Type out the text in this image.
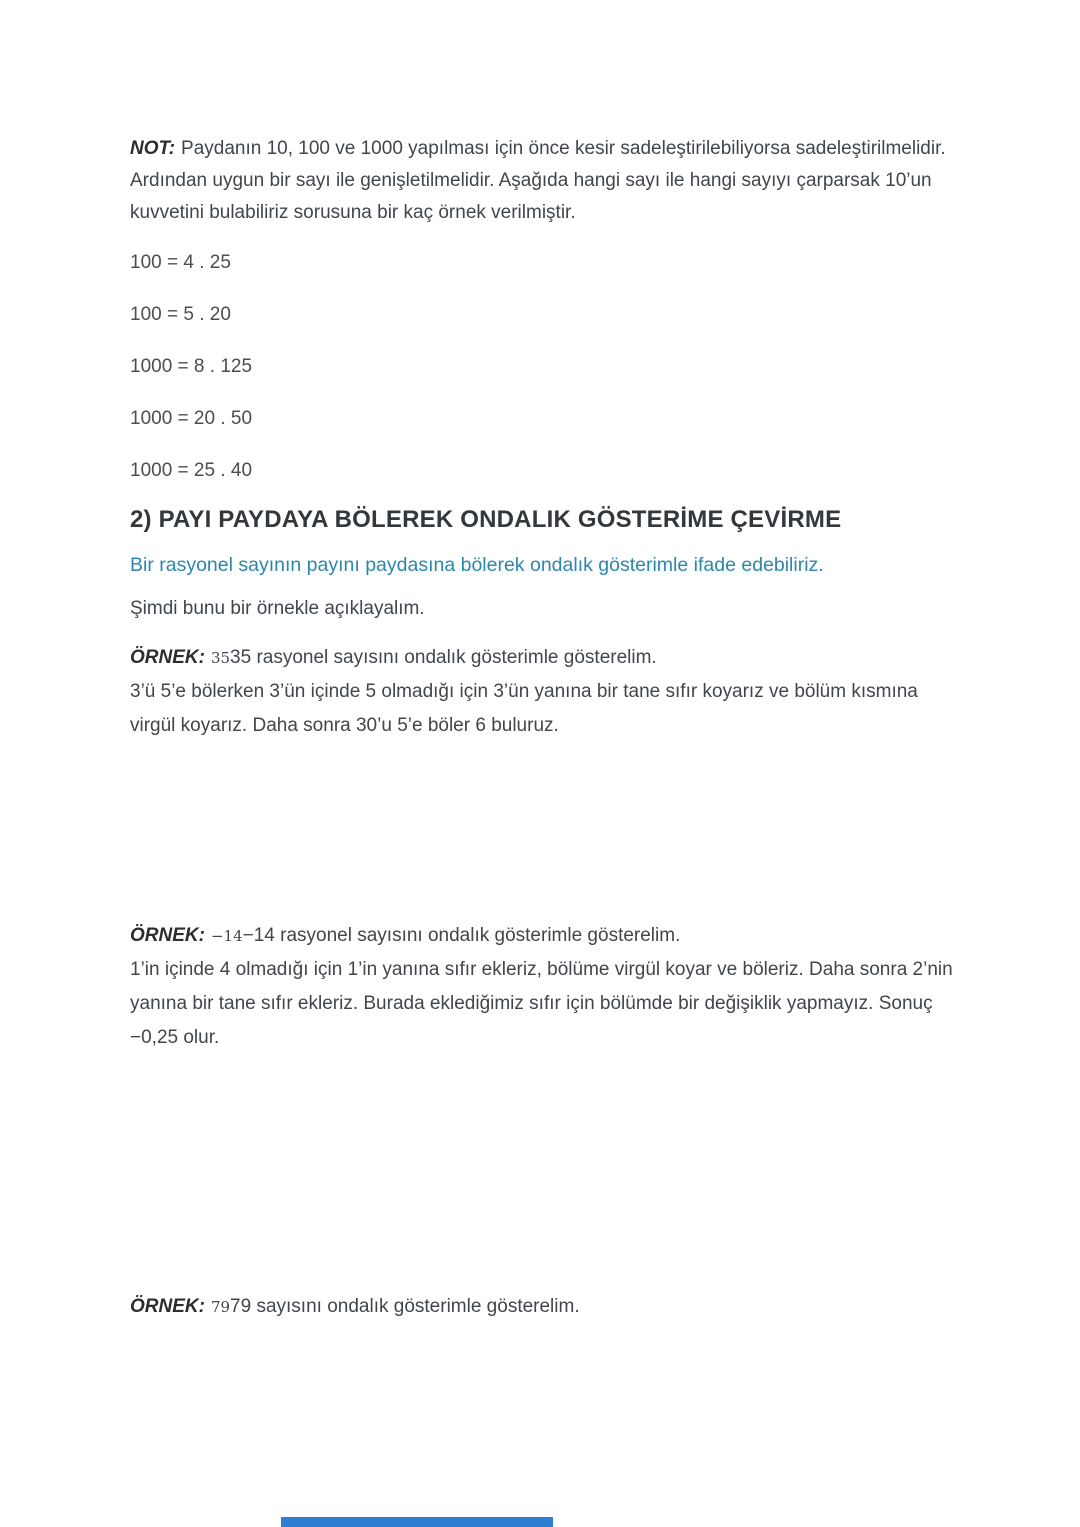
NOT: Paydanın 10, 100 ve 1000 yapılması için önce kesir sadeleştirilebiliyorsa sadeleştirilmelidir. Ardından uygun bir sayı ile genişletilmelidir. Aşağıda hangi sayı ile hangi sayıyı çarparsak 10’un kuvvetini bulabiliriz sorusuna bir kaç örnek verilmiştir.

100 = 4 . 25

100 = 5 . 20

1000 = 8 . 125

1000 = 20 . 50

1000 = 25 . 40

2) PAYI PAYDAYA BÖLEREK ONDALIK GÖSTERİME ÇEVİRME

Bir rasyonel sayının payını paydasına bölerek ondalık gösterimle ifade edebiliriz.

Şimdi bunu bir örnekle açıklayalım.

ÖRNEK: 3535 rasyonel sayısını ondalık gösterimle gösterelim.

3’ü 5’e bölerken 3’ün içinde 5 olmadığı için 3’ün yanına bir tane sıfır koyarız ve bölüm kısmına virgül koyarız. Daha sonra 30’u 5’e böler 6 buluruz.

ÖRNEK: −14−14 rasyonel sayısını ondalık gösterimle gösterelim.

1’in içinde 4 olmadığı için 1’in yanına sıfır ekleriz, bölüme virgül koyar ve böleriz. Daha sonra 2’nin yanına bir tane sıfır ekleriz. Burada eklediğimiz sıfır için bölümde bir değişiklik yapmayız. Sonuç −0,25 olur.

ÖRNEK: 7979 sayısını ondalık gösterimle gösterelim.
